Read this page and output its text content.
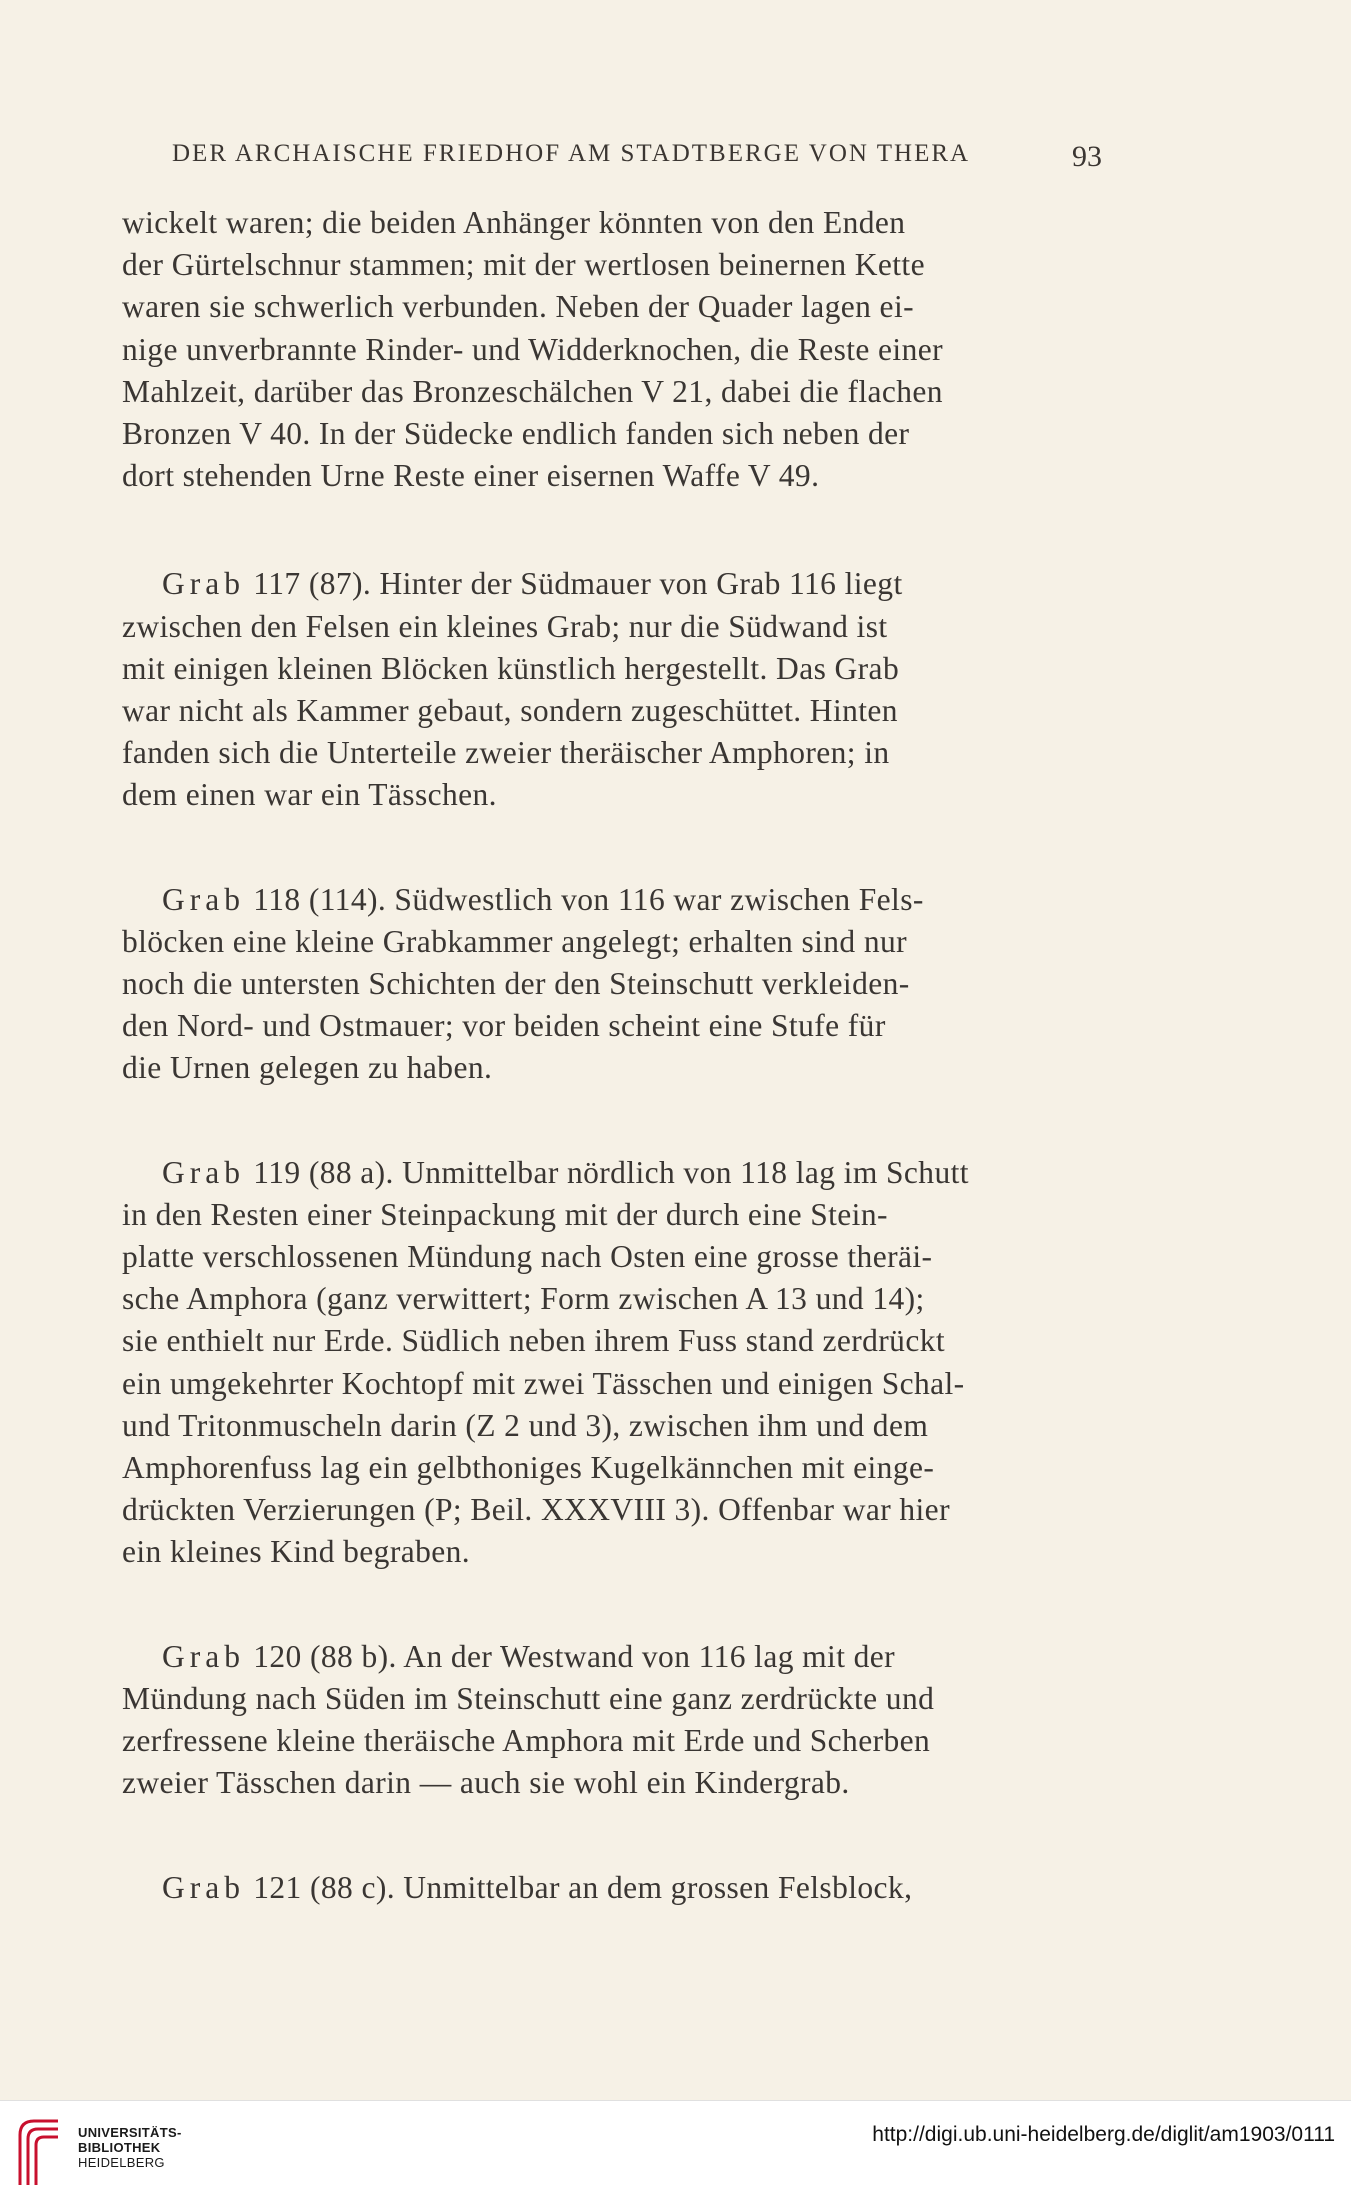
DER ARCHAISCHE FRIEDHOF AM STADTBERGE VON THERA	93
wickelt waren; die beiden Anhänger könnten von den Enden
der Gürtelschnur stammen; mit der wertlosen beinernen Kette
waren sie schwerlich verbunden. Neben der Quader lagen ei-
nige unverbrannte Rinder- und Widderknochen, die Reste einer
Mahlzeit, darüber das Bronzeschälchen V 21, dabei die flachen
Bronzen V 40. In der Südecke endlich fanden sich neben der
dort stehenden Urne Reste einer eisernen Waffe V 49.
Grab 117 (87). Hinter der Südmauer von Grab 116 liegt
zwischen den Felsen ein kleines Grab; nur die Südwand ist
mit einigen kleinen Blöcken künstlich hergestellt. Das Grab
war nicht als Kammer gebaut, sondern zugeschüttet. Hinten
fanden sich die Unterteile zweier theräischer Amphoren; in
dem einen war ein Tässchen.
Grab 118 (114). Südwestlich von 116 war zwischen Fels-
blöcken eine kleine Grabkammer angelegt; erhalten sind nur
noch die untersten Schichten der den Steinschutt verkleiden-
den Nord- und Ostmauer; vor beiden scheint eine Stufe für
die Urnen gelegen zu haben.
Grab 119 (88 a). Unmittelbar nördlich von 118 lag im Schutt
in den Resten einer Steinpackung mit der durch eine Stein-
platte verschlossenen Mündung nach Osten eine grosse theräi-
sche Amphora (ganz verwittert; Form zwischen A 13 und 14);
sie enthielt nur Erde. Südlich neben ihrem Fuss stand zerdrückt
ein umgekehrter Kochtopf mit zwei Tässchen und einigen Schal-
und Tritonmuscheln darin (Z 2 und 3), zwischen ihm und dem
Amphorenfuss lag ein gelbthoniges Kugelkännchen mit einge-
drückten Verzierungen (P; Beil. XXXVIII 3). Offenbar war hier
ein kleines Kind begraben.
Grab 120 (88 b). An der Westwand von 116 lag mit der
Mündung nach Süden im Steinschutt eine ganz zerdrückte und
zerfressene kleine theräische Amphora mit Erde und Scherben
zweier Tässchen darin — auch sie wohl ein Kindergrab.
Grab 121 (88 c). Unmittelbar an dem grossen Felsblock,
UNIVERSITÄTS-
BIBLIOTHEK
HEIDELBERG
http://digi.ub.uni-heidelberg.de/diglit/am1903/0111
